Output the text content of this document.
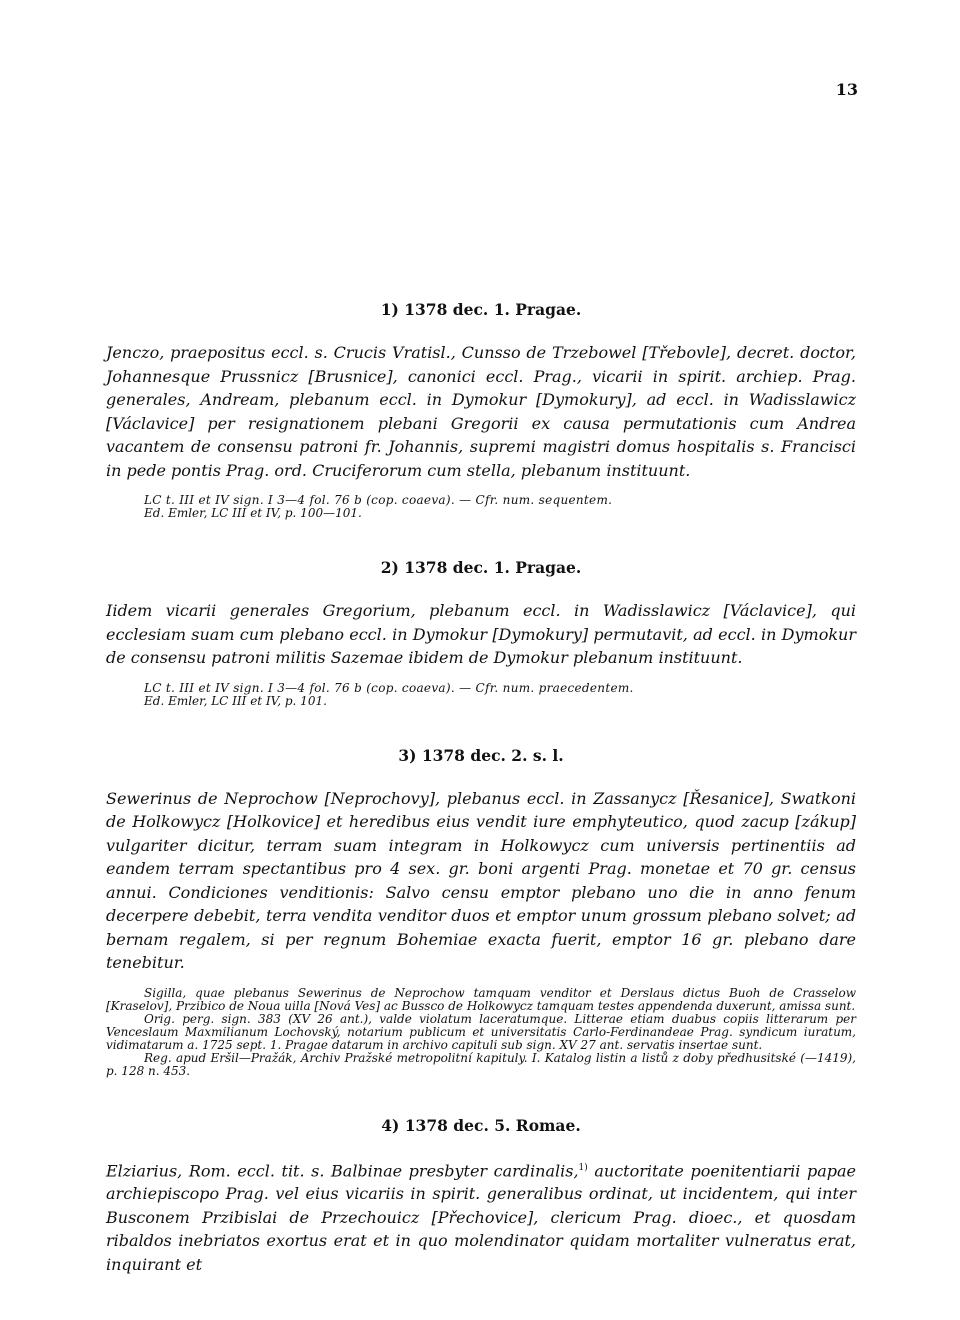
13
1) 1378 dec. 1. Pragae.

Jenczo, praepositus eccl. s. Crucis Vratisl., Cunsso de Trzebowel [Třebovle], decret. doctor, Johannesque Prussnicz [Brusnice], canonici eccl. Prag., vicarii in spirit. archiep. Prag. generales, Andream, plebanum eccl. in Dymokur [Dymokury], ad eccl. in Wadisslawicz [Václavice] per resignationem plebani Gregorii ex causa permutationis cum Andrea vacantem de consensu patroni fr. Johannis, supremi magistri domus hospitalis s. Francisci in pede pontis Prag. ord. Cruciferorum cum stella, plebanum instituunt.

LC t. III et IV sign. I 3—4 fol. 76 b (cop. coaeva). — Cfr. num. sequentem.

Ed. Emler, LC III et IV, p. 100—101.

2) 1378 dec. 1. Pragae.

Iidem vicarii generales Gregorium, plebanum eccl. in Wadisslawicz [Václavice], qui ecclesiam suam cum plebano eccl. in Dymokur [Dymokury] permutavit, ad eccl. in Dymokur de consensu patroni militis Sazemae ibidem de Dymokur plebanum instituunt.

LC t. III et IV sign. I 3—4 fol. 76 b (cop. coaeva). — Cfr. num. praecedentem.

Ed. Emler, LC III et IV, p. 101.

3) 1378 dec. 2. s. l.

Sewerinus de Neprochow [Neprochovy], plebanus eccl. in Zassanycz [Řesanice], Swatkoni de Holkowycz [Holkovice] et heredibus eius vendit iure emphyteutico, quod zacup [zákup] vulgariter dicitur, terram suam integram in Holkowycz cum universis pertinentiis ad eandem terram spectantibus pro 4 sex. gr. boni argenti Prag. monetae et 70 gr. census annui. Condiciones venditionis: Salvo censu emptor plebano uno die in anno fenum decerpere debebit, terra vendita venditor duos et emptor unum grossum plebano solvet; ad bernam regalem, si per regnum Bohemiae exacta fuerit, emptor 16 gr. plebano dare tenebitur.

Sigilla, quae plebanus Sewerinus de Neprochow tamquam venditor et Derslaus dictus Buoh de Crasselow [Kraselov], Przibico de Noua uilla [Nová Ves] ac Bussco de Holkowycz tamquam testes appendenda duxerunt, amissa sunt.

Orig. perg. sign. 383 (XV 26 ant.), valde violatum laceratumque. Litterae etiam duabus copiis litterarum per Venceslaum Maxmilianum Lochovský, notarium publicum et universitatis Carlo-Ferdinandeae Prag. syndicum iuratum, vidimatarum a. 1725 sept. 1. Pragae datarum in archivo capituli sub sign. XV 27 ant. servatis insertae sunt.

Reg. apud Eršil—Pražák, Archiv Pražské metropolitní kapituly. I. Katalog listin a listů z doby předhusitské (—1419), p. 128 n. 453.

4) 1378 dec. 5. Romae.

Elziarius, Rom. eccl. tit. s. Balbinae presbyter cardinalis,$^{1)}$ auctoritate poenitentiarii papae archiepiscopo Prag. vel eius vicariis in spirit. generalibus ordinat, ut incidentem, qui inter Busconem Przibislai de Przechouicz [Přechovice], clericum Prag. dioec., et quosdam ribaldos inebriatos exortus erat et in quo molendinator quidam mortaliter vulneratus erat, inquirant et
